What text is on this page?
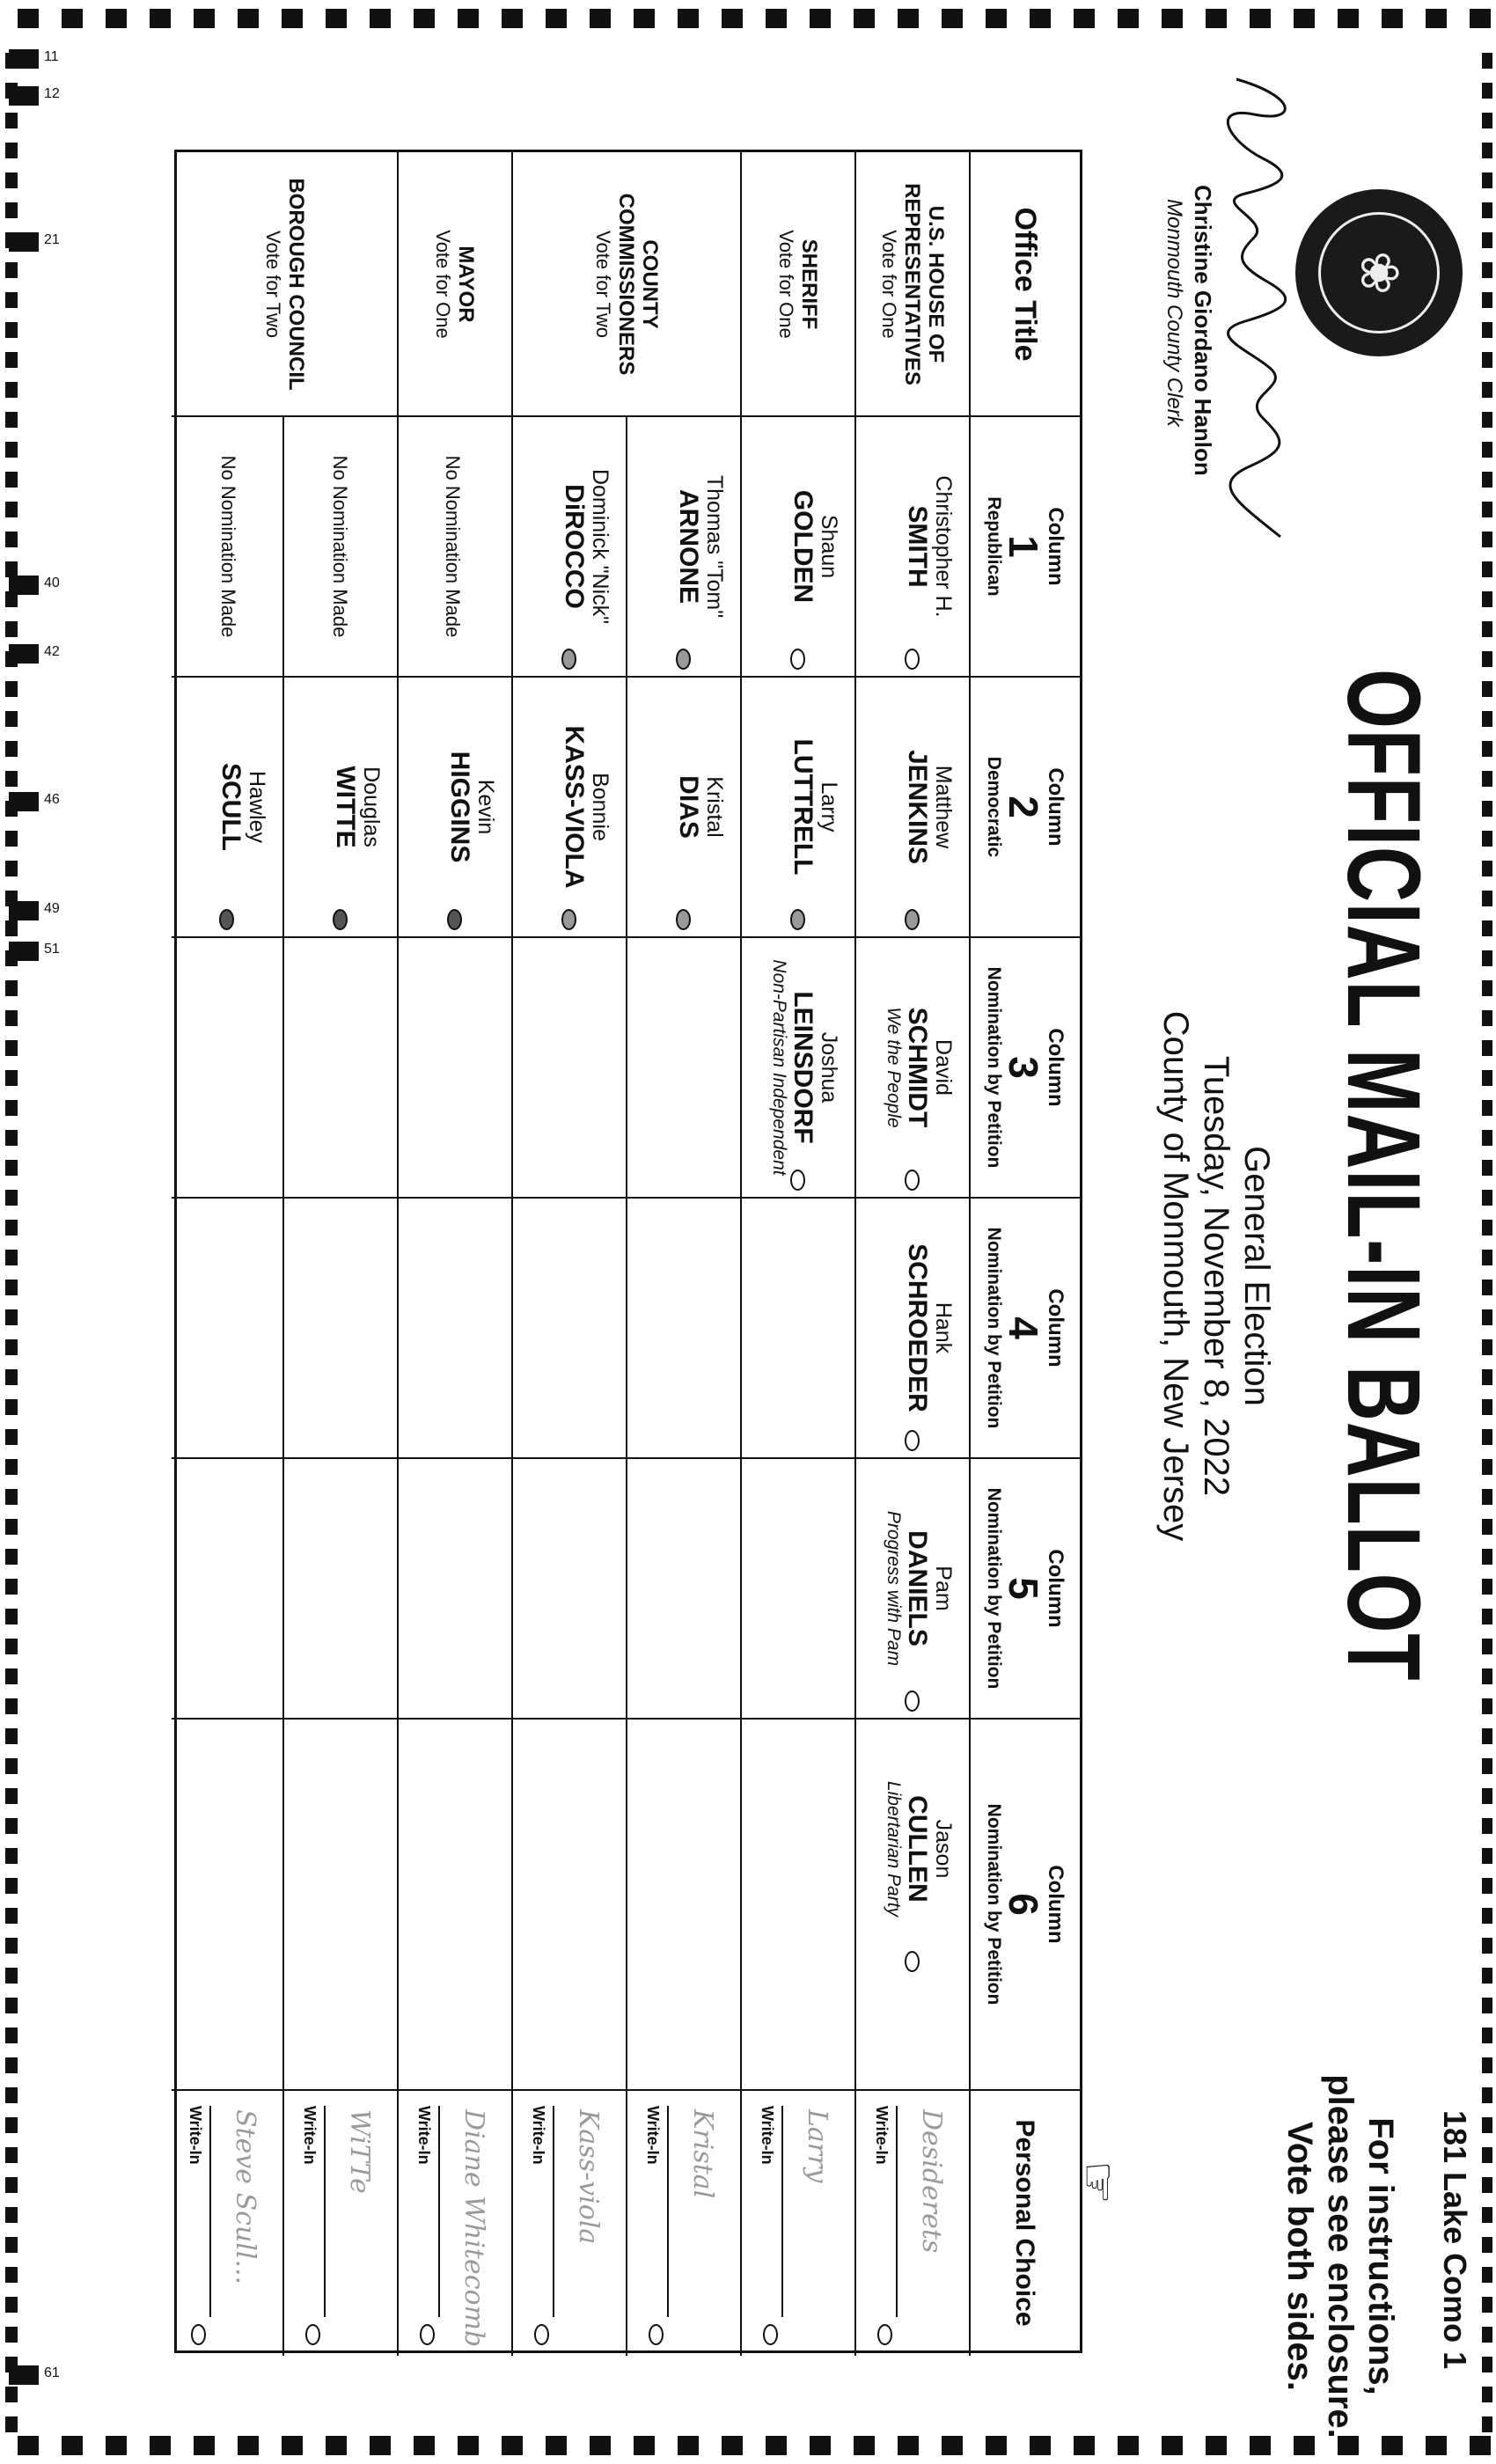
11
12
21
40
42
46
49
51
61
❀
Christine Giordano Hanlon
Monmouth County Clerk
OFFICIAL MAIL-IN BALLOT
General Election
Tuesday, November 8, 2022
County of Monmouth, New Jersey
181 Lake Como 1
For instructions,
please see enclosure.
Vote both sides.
☞
Office Title
Column
1
Republican
Column
2
Democratic
Column
3
Nomination by Petition
Column
4
Nomination by Petition
Column
5
Nomination by Petition
Column
6
Nomination by Petition
Personal Choice
U.S. HOUSE OF REPRESENTATIVES
Vote for One
SHERIFF
Vote for One
COUNTY COMMISSIONERS
Vote for Two
MAYOR
Vote for One
BOROUGH COUNCIL
Vote for Two
Christopher H.
SMITH
Matthew
JENKINS
David
SCHMIDT
We the People
Hank
SCHROEDER
Pam
DANIELS
Progress with Pam
Jason
CULLEN
Libertarian Party
Shaun
GOLDEN
Larry
LUTTRELL
Joshua
LEINSDORF
Non-Partisan Independent
Thomas "Tom"
ARNONE
Kristal
DIAS
Dominick "Nick"
DiROCCO
Bonnie
KASS-VIOLA
No Nomination Made
Kevin
HIGGINS
No Nomination Made
No Nomination Made
Douglas
WITTE
Hawley
SCULL
Desiderets
Write-In
Larry
Write-In
Kristal
Write-In
Kass-viola
Write-In
Diane Whitecomb
Write-In
WiTTe
Write-In
Steve Scull...
Write-In
